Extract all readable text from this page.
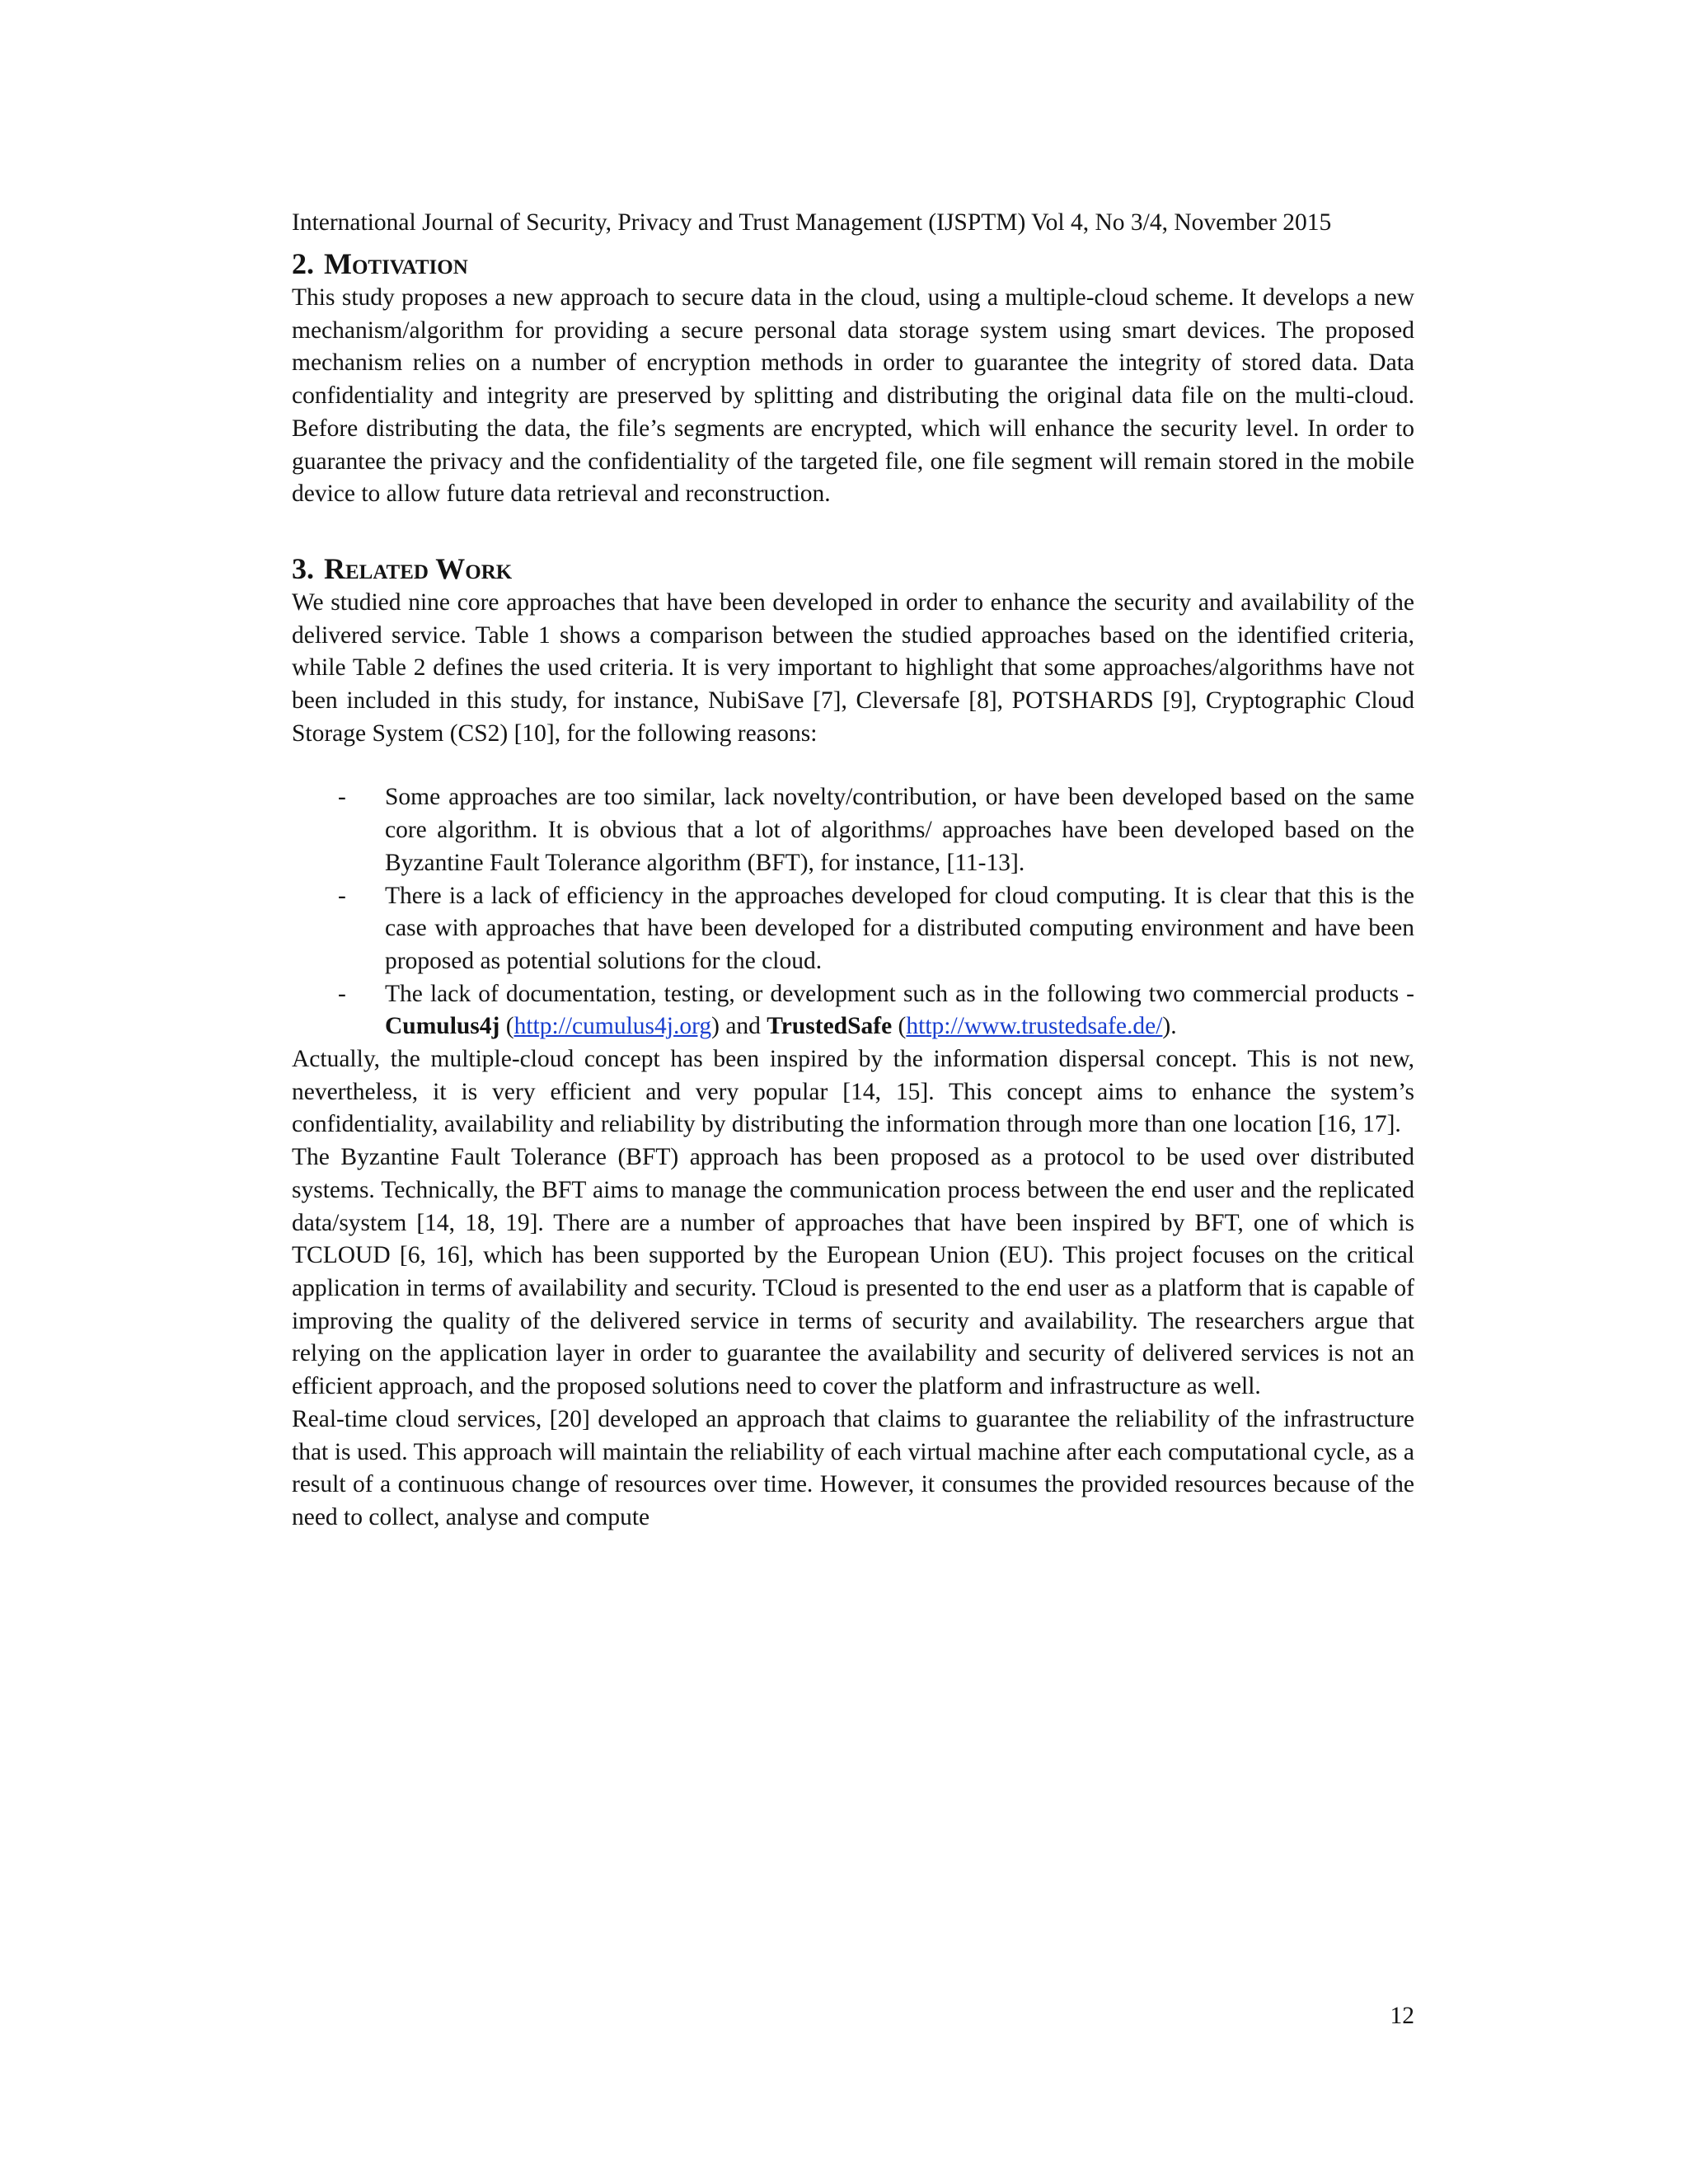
International Journal of Security, Privacy and Trust Management (IJSPTM) Vol 4, No 3/4, November 2015
2. Motivation

This study proposes a new approach to secure data in the cloud, using a multiple-cloud scheme. It develops a new mechanism/algorithm for providing a secure personal data storage system using smart devices. The proposed mechanism relies on a number of encryption methods in order to guarantee the integrity of stored data. Data confidentiality and integrity are preserved by splitting and distributing the original data file on the multi-cloud. Before distributing the data, the file’s segments are encrypted, which will enhance the security level. In order to guarantee the privacy and the confidentiality of the targeted file, one file segment will remain stored in the mobile device to allow future data retrieval and reconstruction.

3. Related Work

We studied nine core approaches that have been developed in order to enhance the security and availability of the delivered service. Table 1 shows a comparison between the studied approaches based on the identified criteria, while Table 2 defines the used criteria. It is very important to highlight that some approaches/algorithms have not been included in this study, for instance, NubiSave [7], Cleversafe [8], POTSHARDS [9], Cryptographic Cloud Storage System (CS2) [10], for the following reasons:

- Some approaches are too similar, lack novelty/contribution, or have been developed based on the same core algorithm. It is obvious that a lot of algorithms/ approaches have been developed based on the Byzantine Fault Tolerance algorithm (BFT), for instance, [11-13].
- There is a lack of efficiency in the approaches developed for cloud computing. It is clear that this is the case with approaches that have been developed for a distributed computing environment and have been proposed as potential solutions for the cloud.
- The lack of documentation, testing, or development such as in the following two commercial products - Cumulus4j (http://cumulus4j.org) and TrustedSafe (http://www.trustedsafe.de/).

Actually, the multiple-cloud concept has been inspired by the information dispersal concept. This is not new, nevertheless, it is very efficient and very popular [14, 15]. This concept aims to enhance the system’s confidentiality, availability and reliability by distributing the information through more than one location [16, 17].

The Byzantine Fault Tolerance (BFT) approach has been proposed as a protocol to be used over distributed systems. Technically, the BFT aims to manage the communication process between the end user and the replicated data/system [14, 18, 19]. There are a number of approaches that have been inspired by BFT, one of which is TCLOUD [6, 16], which has been supported by the European Union (EU). This project focuses on the critical application in terms of availability and security. TCloud is presented to the end user as a platform that is capable of improving the quality of the delivered service in terms of security and availability. The researchers argue that relying on the application layer in order to guarantee the availability and security of delivered services is not an efficient approach, and the proposed solutions need to cover the platform and infrastructure as well.

Real-time cloud services, [20] developed an approach that claims to guarantee the reliability of the infrastructure that is used. This approach will maintain the reliability of each virtual machine after each computational cycle, as a result of a continuous change of resources over time. However, it consumes the provided resources because of the need to collect, analyse and compute

12
